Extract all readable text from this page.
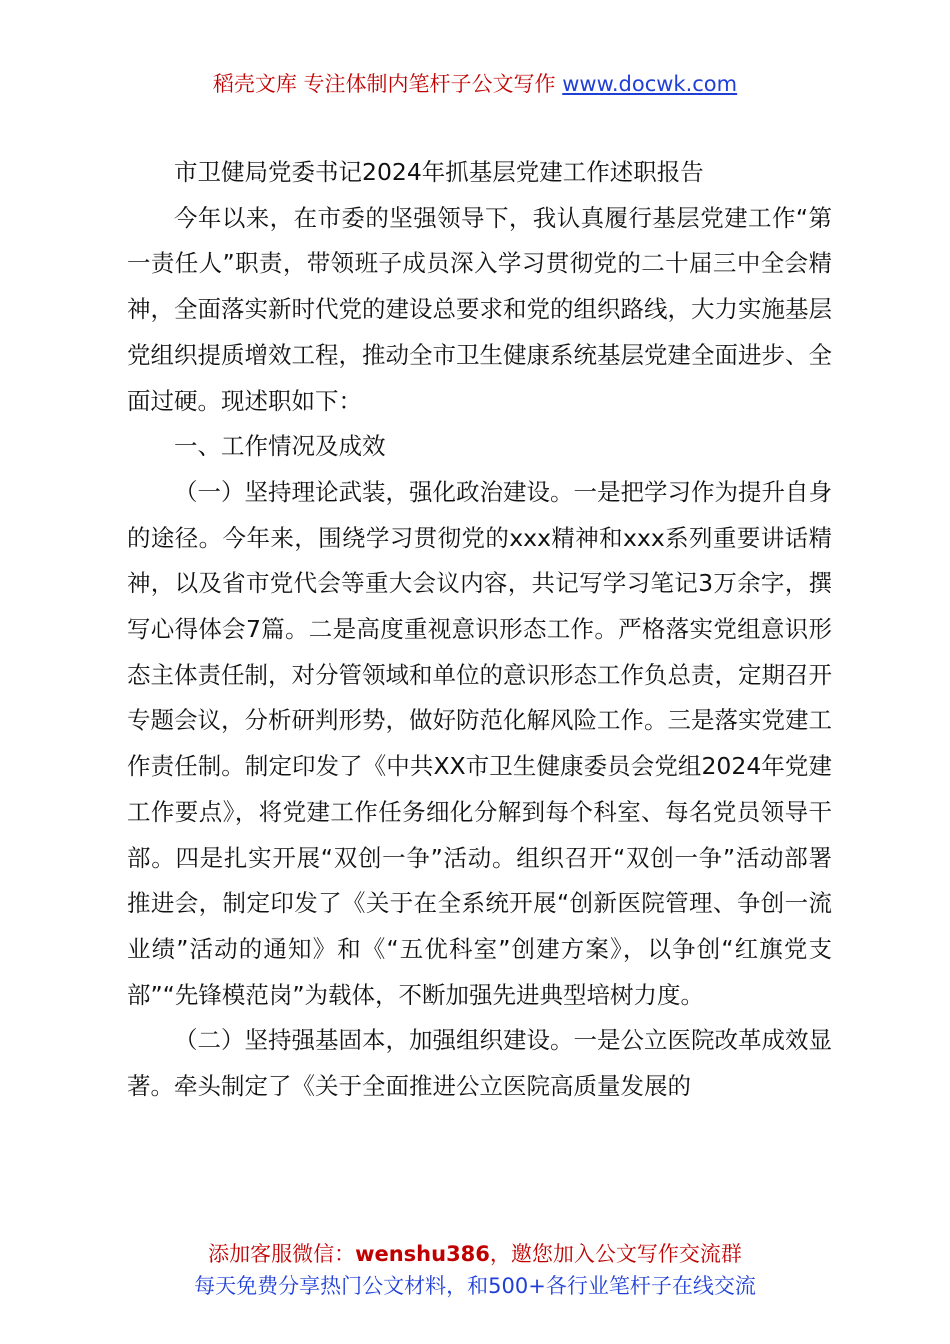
稻壳文库 专注体制内笔杆子公文写作 www.docwk.com
市卫健局党委书记2024年抓基层党建工作述职报告

今年以来，在市委的坚强领导下，我认真履行基层党建工作“第一责任人”职责，带领班子成员深入学习贯彻党的二十届三中全会精神，全面落实新时代党的建设总要求和党的组织路线，大力实施基层党组织提质增效工程，推动全市卫生健康系统基层党建全面进步、全面过硬。现述职如下：

一、工作情况及成效

（一）坚持理论武装，强化政治建设。一是把学习作为提升自身的途径。今年来，围绕学习贯彻党的xxx精神和xxx系列重要讲话精神，以及省市党代会等重大会议内容，共记写学习笔记3万余字，撰写心得体会7篇。二是高度重视意识形态工作。严格落实党组意识形态主体责任制，对分管领域和单位的意识形态工作负总责，定期召开专题会议，分析研判形势，做好防范化解风险工作。三是落实党建工作责任制。制定印发了《中共XX市卫生健康委员会党组2024年党建工作要点》，将党建工作任务细化分解到每个科室、每名党员领导干部。四是扎实开展“双创一争”活动。组织召开“双创一争”活动部署推进会，制定印发了《关于在全系统开展“创新医院管理、争创一流业绩”活动的通知》和《“五优科室”创建方案》，以争创“红旗党支部”“先锋模范岗”为载体，不断加强先进典型培树力度。

（二）坚持强基固本，加强组织建设。一是公立医院改革成效显著。牵头制定了《关于全面推进公立医院高质量发展的

添加客服微信：wenshu386，邀您加入公文写作交流群
每天免费分享热门公文材料，和500+各行业笔杆子在线交流
